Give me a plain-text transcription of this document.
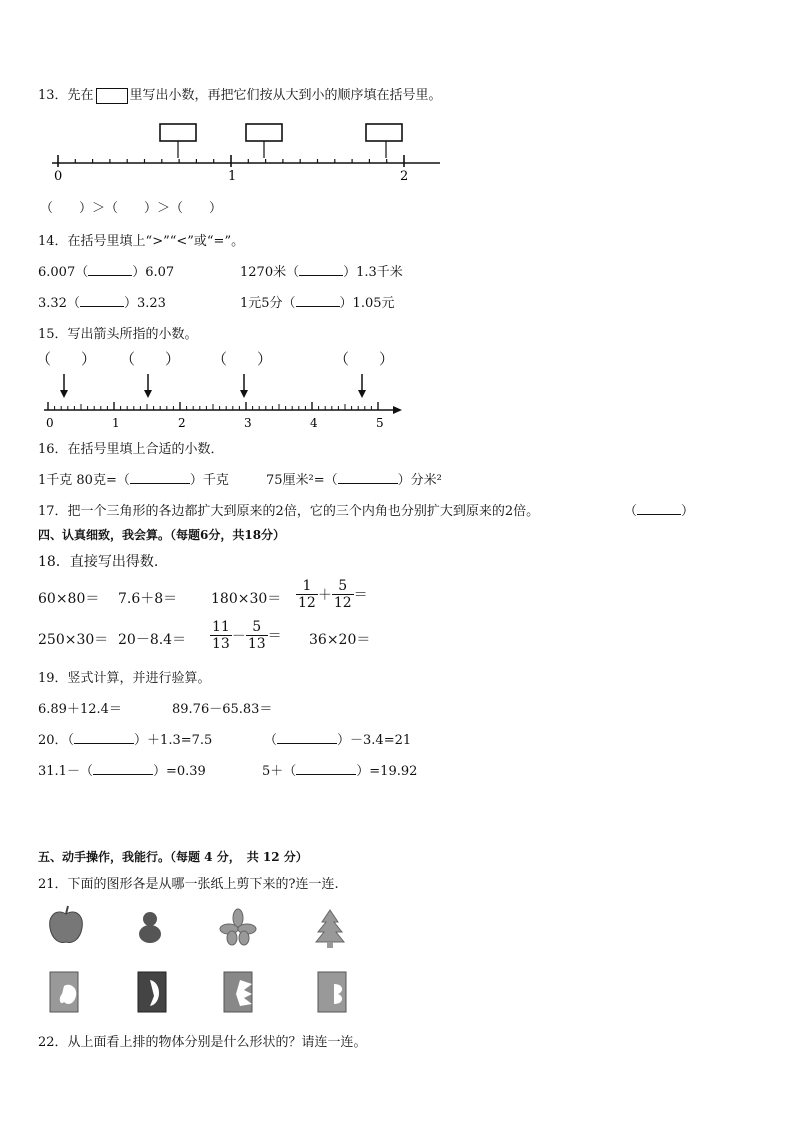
13．先在	里写出小数，再把它们按从大到小的顺序填在括号里。
0	1	2
（　　）＞（　　）＞（　　）
14．在括号里填上“>”“<”或“=”。
6.007（	）6.07	1270米（	）1.3千米
3.32（	）3.23	1元5分（	）1.05元
15．写出箭头所指的小数。
（　　） （　　） （　　）	（　　）
0	1	2	3	4	5
16．在括号里填上合适的小数．
1千克 80克=（	）千克	75厘米²=（	）分米²
17．把一个三角形的各边都扩大到原来的2倍，它的三个内角也分别扩大到原来的2倍。	（	）
四、认真细致，我会算。（每题6分，共18分）
18．直接写出得数.
$60\times 80= 7.6+8= 180\times 30= \frac{1}{12} + \frac{5}{12}$ ＝
$250\times 30= 20-8.4= \frac{11}{13} - \frac{5}{13} = 36\times 20=$
19．竖式计算，并进行验算。
6.89＋12.4＝	89.76－65.83＝
20．（	）＋1.3=7.5	（	）－3.4=21
31.1－（	）=0.39	5＋（	）=19.92
五、动手操作，我能行。（每题 4 分，　共 12 分）
21．下面的图形各是从哪一张纸上剪下来的?连一连.
22．从上面看上排的物体分别是什么形状的？请连一连。
